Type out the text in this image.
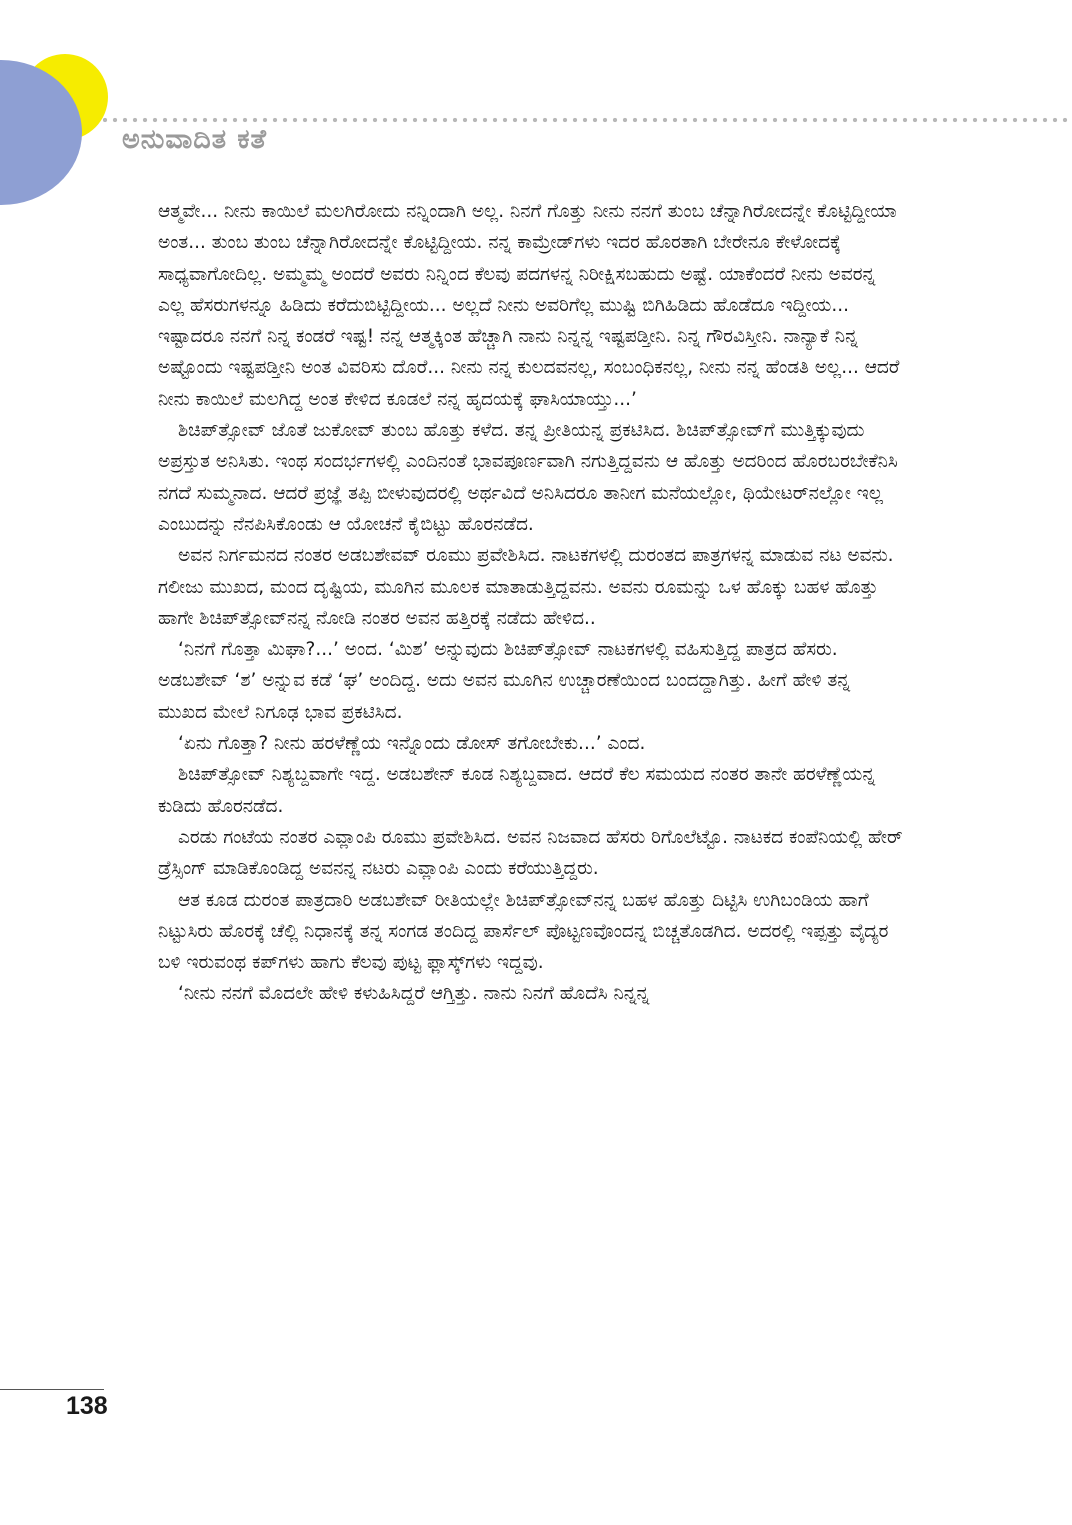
ಅನುವಾದಿತ ಕತೆ

ಆತ್ಮವೇ... ನೀನು ಕಾಯಿಲೆ ಮಲಗಿರೋದು ನನ್ನಿಂದಾಗಿ ಅಲ್ಲ. ನಿನಗೆ ಗೊತ್ತು ನೀನು ನನಗೆ ತುಂಬ ಚೆನ್ನಾಗಿರೋದನ್ನೇ ಕೊಟ್ಟಿದ್ದೀಯಾ ಅಂತ... ತುಂಬ ತುಂಬ ಚೆನ್ನಾಗಿರೋದನ್ನೇ ಕೊಟ್ಟಿದ್ದೀಯ. ನನ್ನ ಕಾಮ್ರೇಡ್‌ಗಳು ಇದರ ಹೊರತಾಗಿ ಬೇರೇನೂ ಕೇಳೋದಕ್ಕೆ ಸಾಧ್ಯವಾಗೋದಿಲ್ಲ. ಅಮ್ಮಮ್ಮ ಅಂದರೆ ಅವರು ನಿನ್ನಿಂದ ಕೆಲವು ಪದಗಳನ್ನ ನಿರೀಕ್ಷಿಸಬಹುದು ಅಷ್ಟೆ. ಯಾಕೆಂದರೆ ನೀನು ಅವರನ್ನ ಎಲ್ಲ ಹೆಸರುಗಳನ್ನೂ ಹಿಡಿದು ಕರೆದುಬಿಟ್ಟಿದ್ದೀಯ... ಅಲ್ಲದೆ ನೀನು ಅವರಿಗೆಲ್ಲ ಮುಷ್ಟಿ ಬಿಗಿಹಿಡಿದು ಹೊಡೆದೂ ಇದ್ದೀಯ... ಇಷ್ಟಾದರೂ ನನಗೆ ನಿನ್ನ ಕಂಡರೆ ಇಷ್ಟ! ನನ್ನ ಆತ್ಮಕ್ಕಿಂತ ಹೆಚ್ಚಾಗಿ ನಾನು ನಿನ್ನನ್ನ ಇಷ್ಟಪಡ್ತೀನಿ. ನಿನ್ನ ಗೌರವಿಸ್ತೀನಿ. ನಾನ್ಯಾಕೆ ನಿನ್ನ ಅಷ್ಟೊಂದು ಇಷ್ಟಪಡ್ತೀನಿ ಅಂತ ವಿವರಿಸು ದೊರೆ... ನೀನು ನನ್ನ ಕುಲದವನಲ್ಲ, ಸಂಬಂಧಿಕನಲ್ಲ, ನೀನು ನನ್ನ ಹೆಂಡತಿ ಅಲ್ಲ... ಆದರೆ ನೀನು ಕಾಯಿಲೆ ಮಲಗಿದ್ದ ಅಂತ ಕೇಳಿದ ಕೂಡಲೆ ನನ್ನ ಹೃದಯಕ್ಕೆ ಘಾಸಿಯಾಯ್ತು...’

ಶಿಚಿಪ್‌ತ್ಸೋವ್ ಜೊತೆ ಜುಕೋವ್ ತುಂಬ ಹೊತ್ತು ಕಳೆದ. ತನ್ನ ಪ್ರೀತಿಯನ್ನ ಪ್ರಕಟಿಸಿದ. ಶಿಚಿಪ್‌ತ್ಸೋವ್‌ಗೆ ಮುತ್ತಿಕ್ಕುವುದು ಅಪ್ರಸ್ತುತ ಅನಿಸಿತು. ಇಂಥ ಸಂದರ್ಭಗಳಲ್ಲಿ ಎಂದಿನಂತೆ ಭಾವಪೂರ್ಣವಾಗಿ ನಗುತ್ತಿದ್ದವನು ಆ ಹೊತ್ತು ಅದರಿಂದ ಹೊರಬರಬೇಕೆನಿಸಿ ನಗದೆ ಸುಮ್ಮನಾದ. ಆದರೆ ಪ್ರಜ್ಞೆ ತಪ್ಪಿ ಬೀಳುವುದರಲ್ಲಿ ಅರ್ಥವಿದೆ ಅನಿಸಿದರೂ ತಾನೀಗ ಮನೆಯಲ್ಲೋ, ಥಿಯೇಟರ್‌ನಲ್ಲೋ ಇಲ್ಲ ಎಂಬುದನ್ನು ನೆನಪಿಸಿಕೊಂಡು ಆ ಯೋಚನೆ ಕೈಬಿಟ್ಟು ಹೊರನಡೆದ.

ಅವನ ನಿರ್ಗಮನದ ನಂತರ ಅಡಬಶೇವವ್ ರೂಮು ಪ್ರವೇಶಿಸಿದ. ನಾಟಕಗಳಲ್ಲಿ ದುರಂತದ ಪಾತ್ರಗಳನ್ನ ಮಾಡುವ ನಟ ಅವನು. ಗಲೀಜು ಮುಖದ, ಮಂದ ದೃಷ್ಟಿಯ, ಮೂಗಿನ ಮೂಲಕ ಮಾತಾಡುತ್ತಿದ್ದವನು. ಅವನು ರೂಮನ್ನು ಒಳ ಹೊಕ್ಕು ಬಹಳ ಹೊತ್ತು ಹಾಗೇ ಶಿಚಿಪ್‌ತ್ಸೋವ್‌ನನ್ನ ನೋಡಿ ನಂತರ ಅವನ ಹತ್ತಿರಕ್ಕೆ ನಡೆದು ಹೇಳಿದ..

‘ನಿನಗೆ ಗೊತ್ತಾ ಮಿಘಾ?...’ ಅಂದ. ‘ಮಿಶ’ ಅನ್ನುವುದು ಶಿಚಿಪ್‌ತ್ಸೋವ್ ನಾಟಕಗಳಲ್ಲಿ ವಹಿಸುತ್ತಿದ್ದ ಪಾತ್ರದ ಹೆಸರು. ಅಡಬಶೇವ್ ‘ಶ’ ಅನ್ನುವ ಕಡೆ ‘ಘ’ ಅಂದಿದ್ದ. ಅದು ಅವನ ಮೂಗಿನ ಉಚ್ಚಾರಣೆಯಿಂದ ಬಂದದ್ದಾಗಿತ್ತು. ಹೀಗೆ ಹೇಳಿ ತನ್ನ ಮುಖದ ಮೇಲೆ ನಿಗೂಢ ಭಾವ ಪ್ರಕಟಿಸಿದ.

‘ಏನು ಗೊತ್ತಾ? ನೀನು ಹರಳೆಣ್ಣೆಯ ಇನ್ನೊಂದು ಡೋಸ್ ತಗೋಬೇಕು...’ ಎಂದ.

ಶಿಚಿಪ್‌ತ್ಸೋವ್ ನಿಶ್ಯಬ್ದವಾಗೇ ಇದ್ದ. ಅಡಬಶೇನ್ ಕೂಡ ನಿಶ್ಯಬ್ದವಾದ. ಆದರೆ ಕೆಲ ಸಮಯದ ನಂತರ ತಾನೇ ಹರಳೆಣ್ಣೆಯನ್ನ ಕುಡಿದು ಹೊರನಡೆದ.

ಎರಡು ಗಂಟೆಯ ನಂತರ ಎವ್ಲಾಂಪಿ ರೂಮು ಪ್ರವೇಶಿಸಿದ. ಅವನ ನಿಜವಾದ ಹೆಸರು ರಿಗೊಲೆಟ್ಟೊ. ನಾಟಕದ ಕಂಪೆನಿಯಲ್ಲಿ ಹೇರ್ ಡ್ರೆಸ್ಸಿಂಗ್ ಮಾಡಿಕೊಂಡಿದ್ದ ಅವನನ್ನ ನಟರು ಎವ್ಲಾಂಪಿ ಎಂದು ಕರೆಯುತ್ತಿದ್ದರು.

ಆತ ಕೂಡ ದುರಂತ ಪಾತ್ರದಾರಿ ಅಡಬಶೇವ್ ರೀತಿಯಲ್ಲೇ ಶಿಚಿಪ್‌ತ್ಸೋವ್‌ನನ್ನ ಬಹಳ ಹೊತ್ತು ದಿಟ್ಟಿಸಿ ಉಗಿಬಂಡಿಯ ಹಾಗೆ ನಿಟ್ಟುಸಿರು ಹೊರಕ್ಕೆ ಚೆಲ್ಲಿ ನಿಧಾನಕ್ಕೆ ತನ್ನ ಸಂಗಡ ತಂದಿದ್ದ ಪಾರ್ಸೆಲ್ ಪೊಟ್ಟಣವೊಂದನ್ನ ಬಿಚ್ಚತೊಡಗಿದ. ಅದರಲ್ಲಿ ಇಪ್ಪತ್ತು ವೈದ್ಯರ ಬಳಿ ಇರುವಂಥ ಕಪ್‌ಗಳು ಹಾಗು ಕೆಲವು ಪುಟ್ಟ ಫ್ಲಾಸ್ಕ್‌ಗಳು ಇದ್ದವು.

‘ನೀನು ನನಗೆ ಮೊದಲೇ ಹೇಳಿ ಕಳುಹಿಸಿದ್ದರೆ ಆಗ್ತಿತ್ತು. ನಾನು ನಿನಗೆ ಹೊದೆಸಿ ನಿನ್ನನ್ನ

138
